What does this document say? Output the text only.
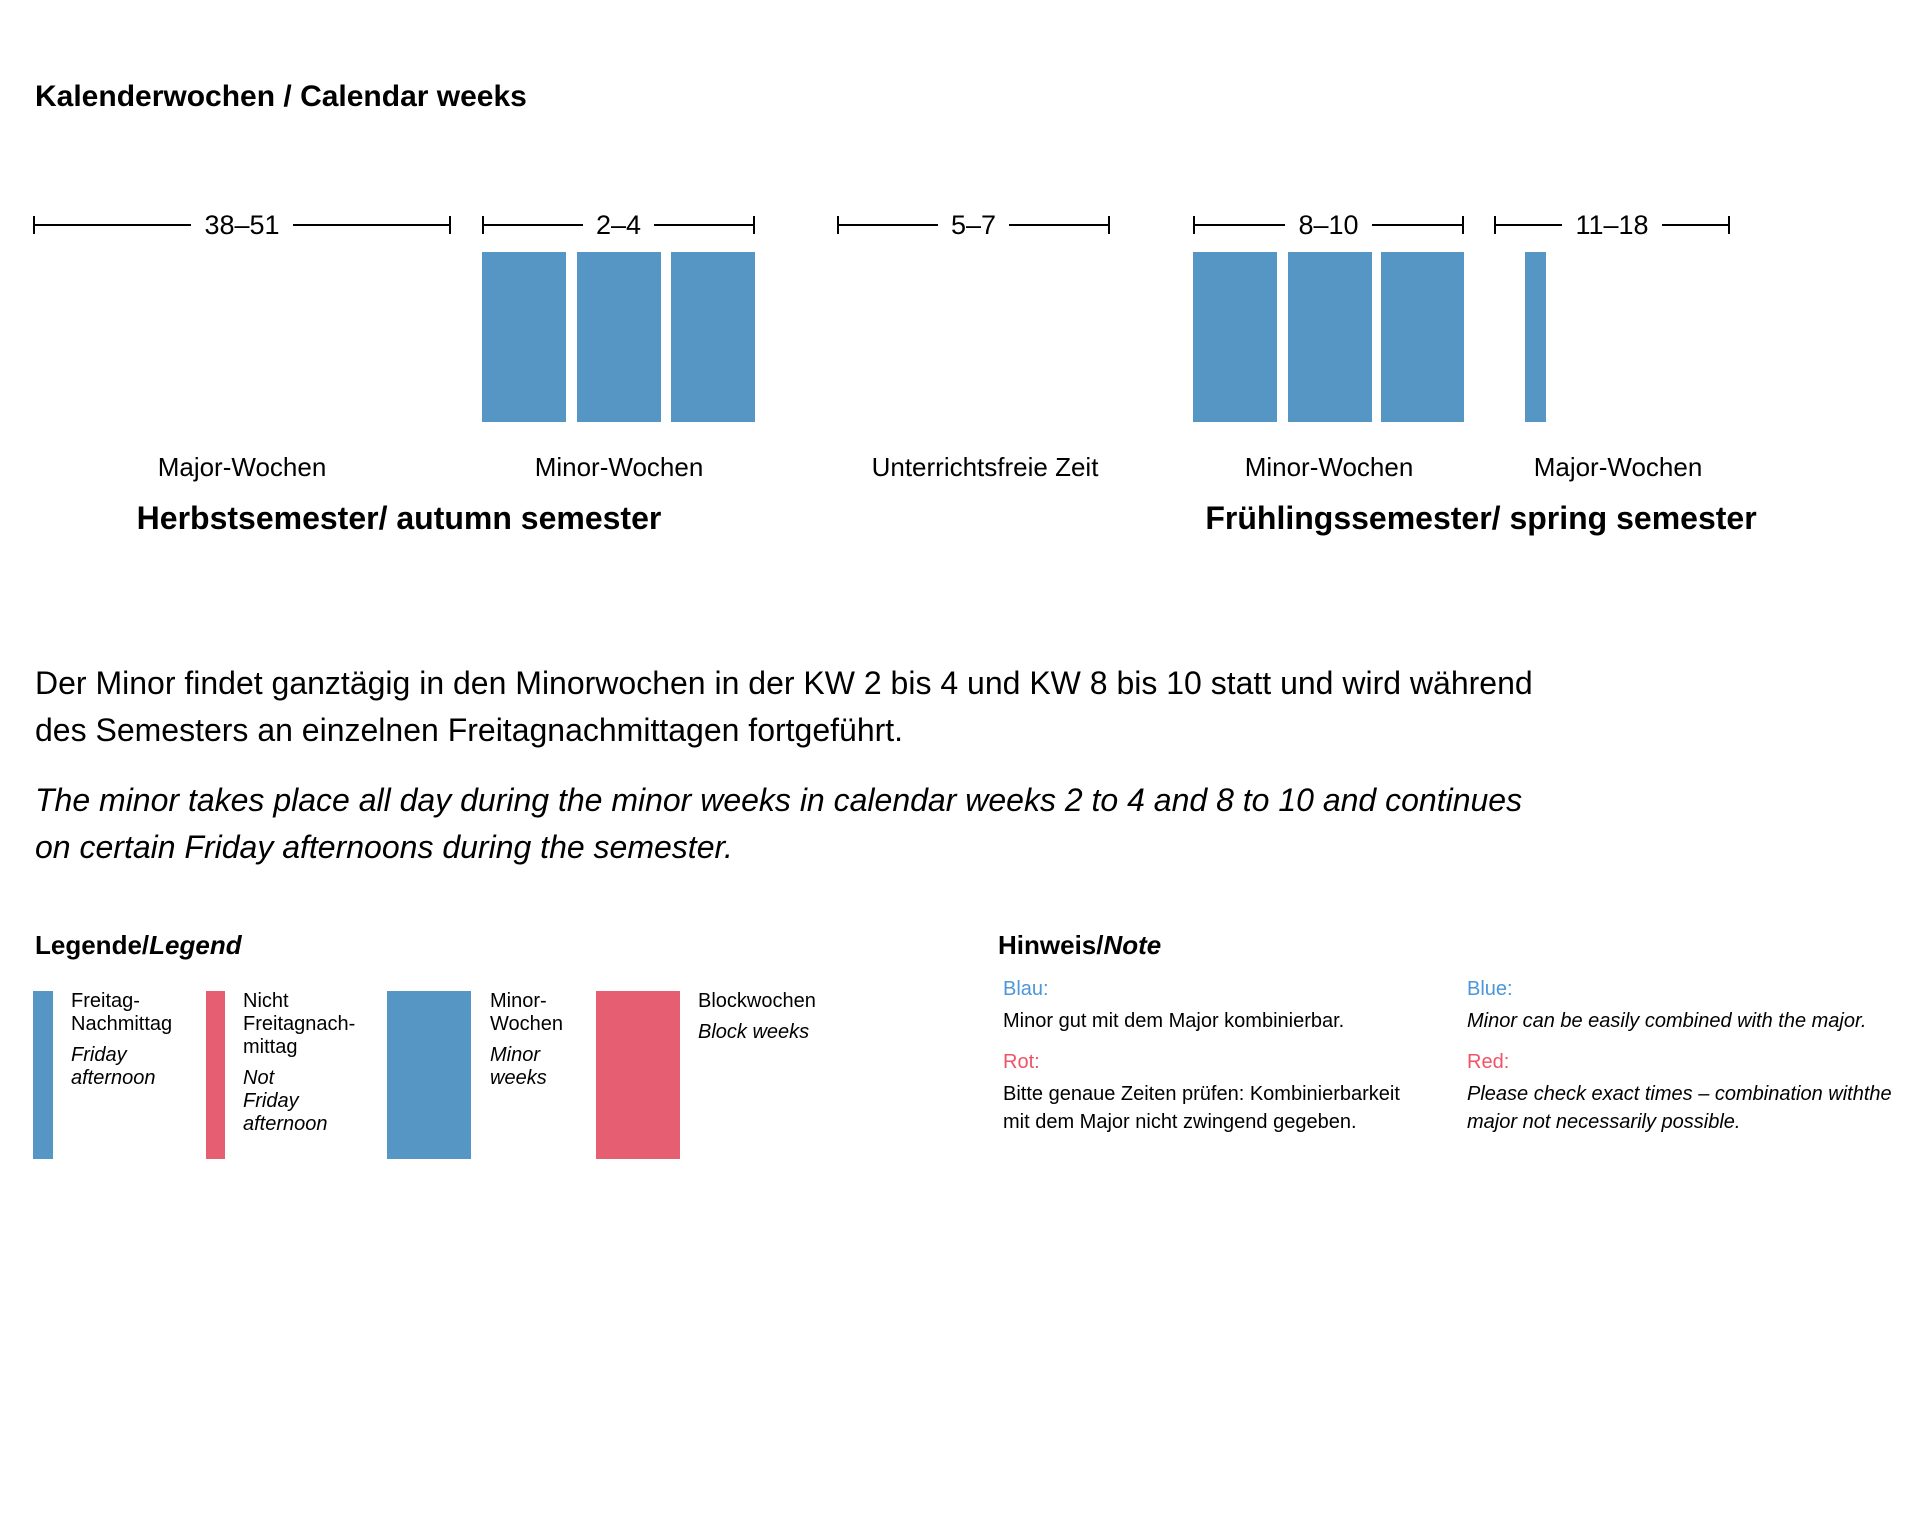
Kalenderwochen / Calendar weeks
38–51	2–4	5–7	8–10	11–18
Major-Wochen	Minor-Wochen	Unterrichtsfreie Zeit	Minor-Wochen	Major-Wochen
Herbstsemester/ autumn semester	Frühlingssemester/ spring semester
Der Minor findet ganztägig in den Minorwochen in der KW 2 bis 4 und KW 8 bis 10 statt und wird während
des Semesters an einzelnen Freitagnachmittagen fortgeführt.
The minor takes place all day during the minor weeks in calendar weeks 2 to 4 and 8 to 10 and continues
on certain Friday afternoons during the semester.
Legende/Legend
Freitag-
Nachmittag
Friday
afternoon
Nicht
Freitagnach-
mittag
Not
Friday
afternoon
Minor-
Wochen
Minor
weeks
Blockwochen
Block weeks
Hinweis/Note
Blau:
Minor gut mit dem Major kombinierbar.
Rot:
Bitte genaue Zeiten prüfen: Kombinierbarkeit
mit dem Major nicht zwingend gegeben.
Blue:
Minor can be easily combined with the major.
Red:
Please check exact times – combination withthe
major not necessarily possible.
